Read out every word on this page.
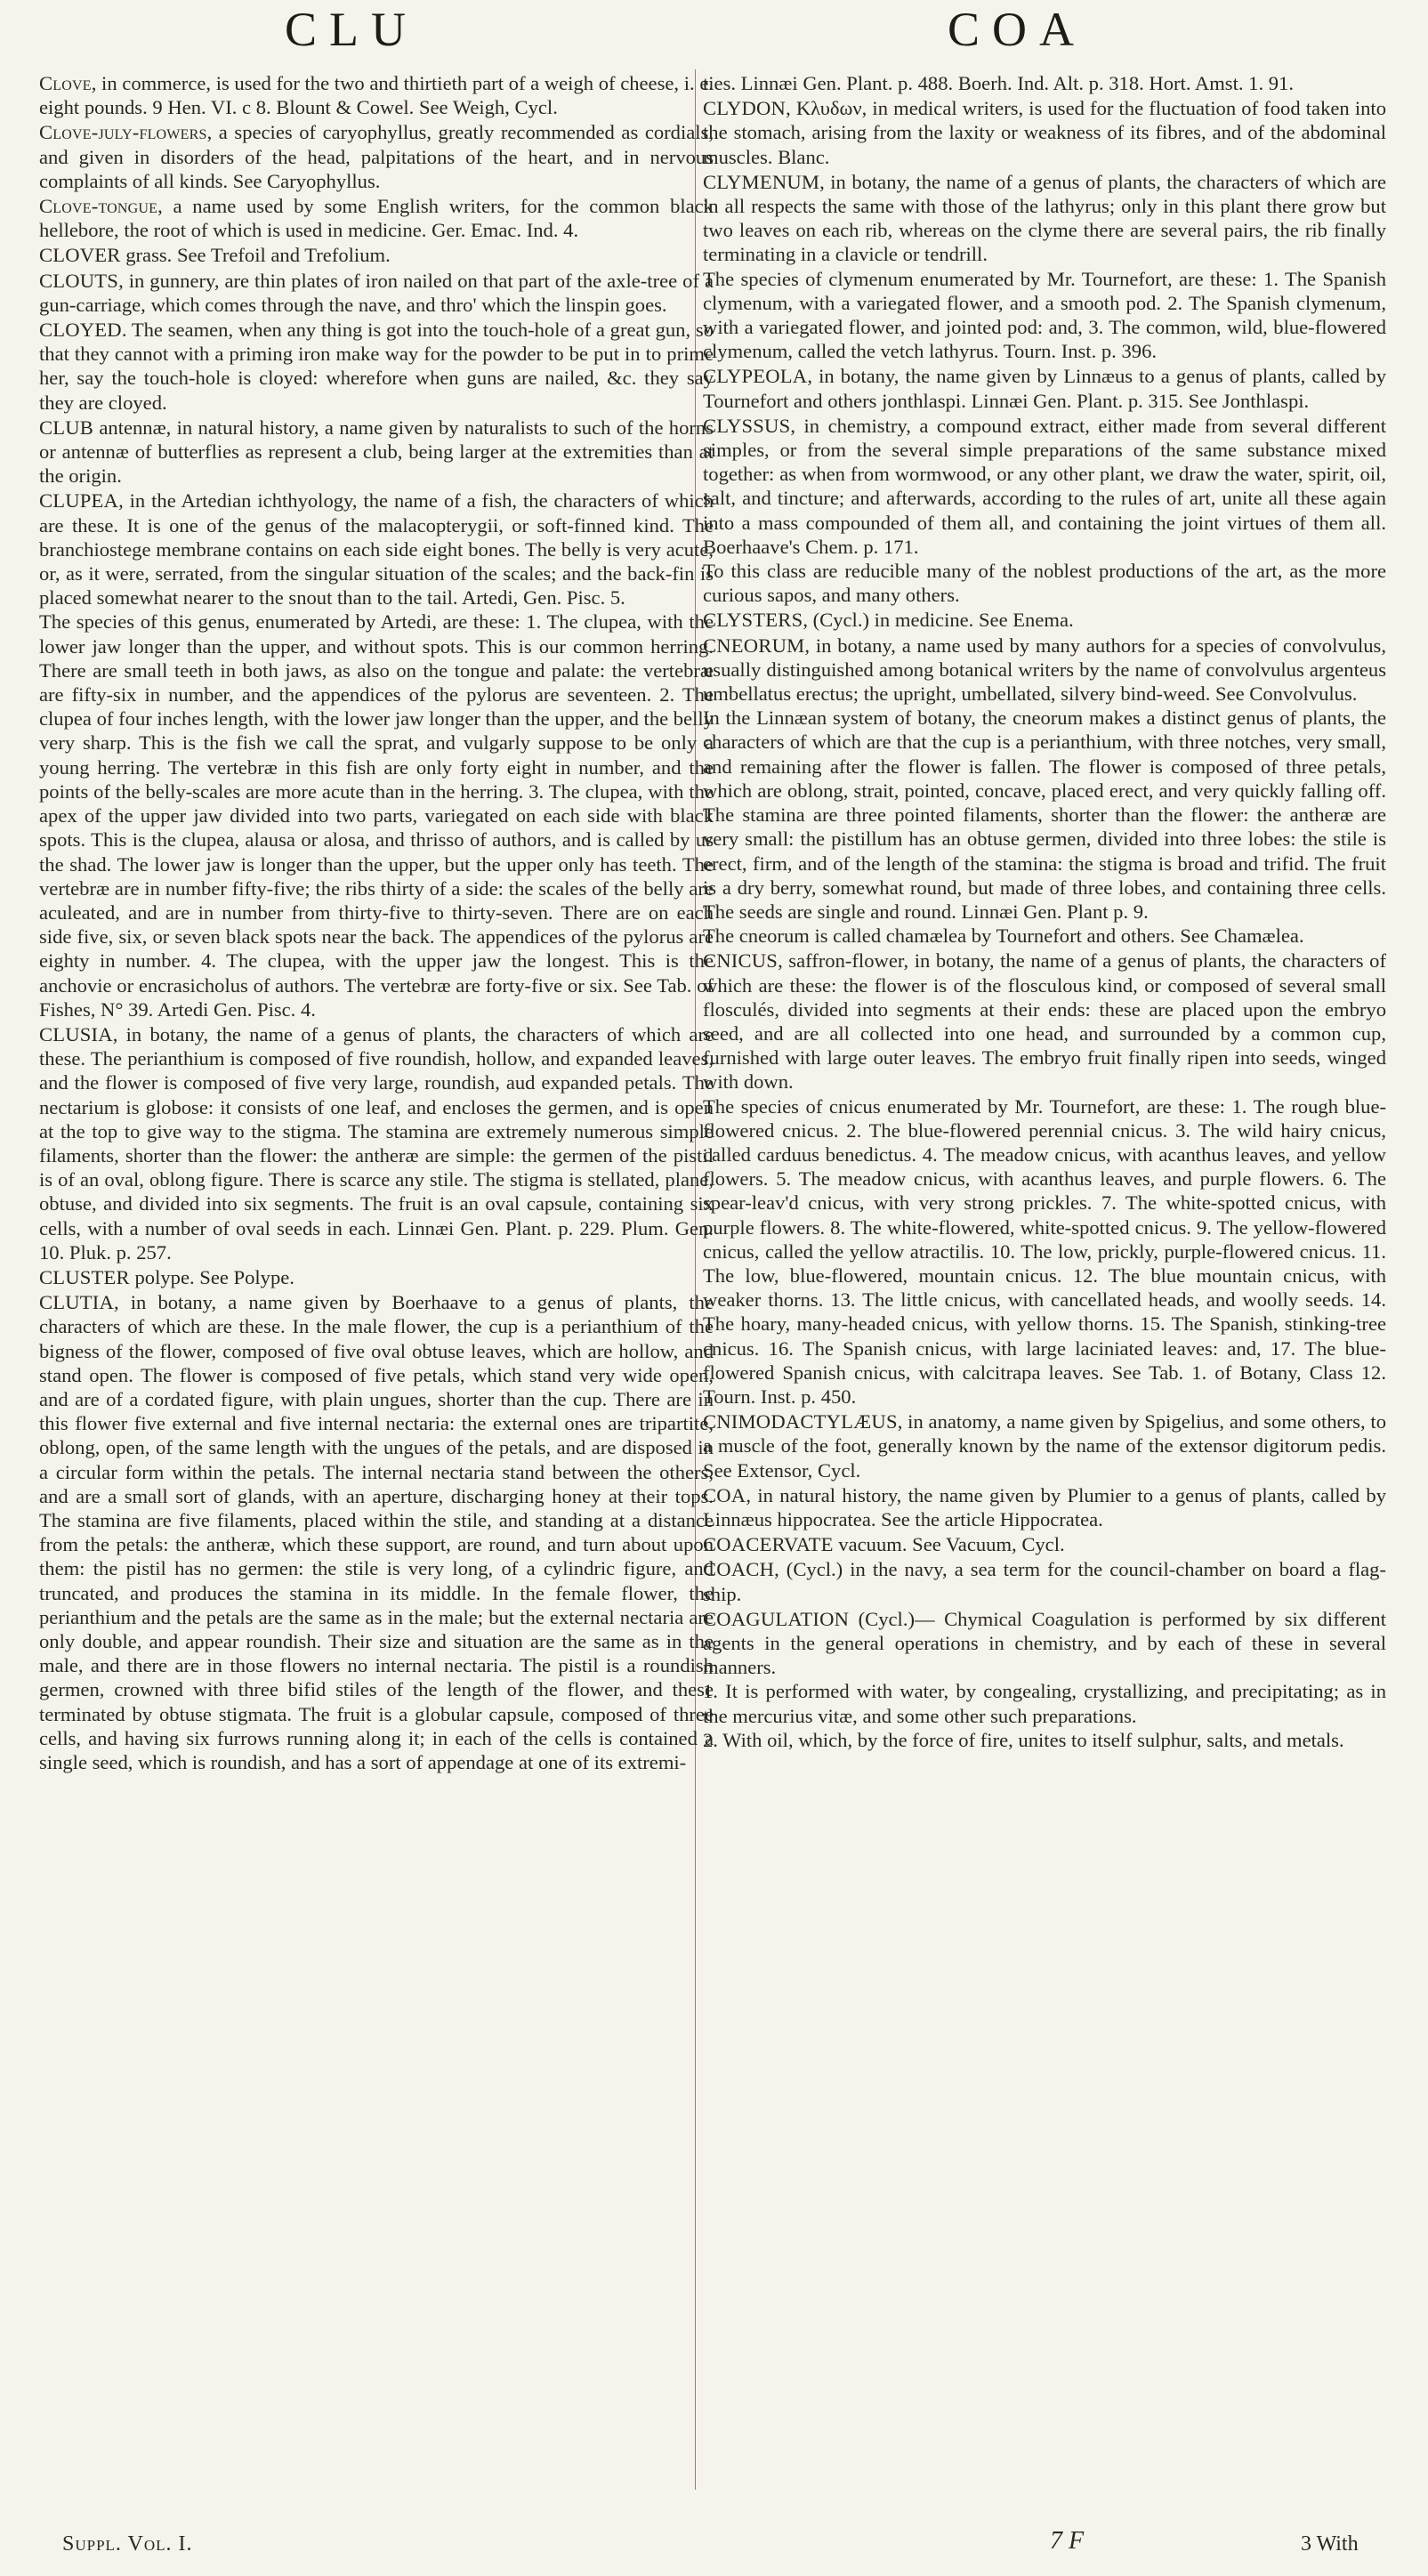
CLU	COA

Clove, in commerce, is used for the two and thirtieth part of a weigh of cheese, i. e. eight pounds. 9 Hen. VI. c 8. Blount & Cowel. See Weigh, Cycl.

Clove-july-flowers, a species of caryophyllus, greatly recommended as cordials, and given in disorders of the head, palpitations of the heart, and in nervous complaints of all kinds. See Caryophyllus.

Clove-tongue, a name used by some English writers, for the common black hellebore, the root of which is used in medicine. Ger. Emac. Ind. 4.

CLOVER grass. See Trefoil and Trefolium.

CLOUTS, in gunnery, are thin plates of iron nailed on that part of the axle-tree of a gun-carriage, which comes through the nave, and thro' which the linspin goes.

CLOYED. The seamen, when any thing is got into the touch-hole of a great gun, so that they cannot with a priming iron make way for the powder to be put in to prime her, say the touch-hole is cloyed: wherefore when guns are nailed, &c. they say they are cloyed.

CLUB antennæ, in natural history, a name given by naturalists to such of the horns or antennæ of butterflies as represent a club, being larger at the extremities than at the origin.

CLUPEA, in the Artedian ichthyology, the name of a fish, the characters of which are these. It is one of the genus of the malacopterygii, or soft-finned kind. The branchiostege membrane contains on each side eight bones. The belly is very acute, or, as it were, serrated, from the singular situation of the scales; and the back-fin is placed somewhat nearer to the snout than to the tail. Artedi, Gen. Pisc. 5.

The species of this genus, enumerated by Artedi, are these: 1. The clupea, with the lower jaw longer than the upper, and without spots. This is our common herring. There are small teeth in both jaws, as also on the tongue and palate: the vertebræ are fifty-six in number, and the appendices of the pylorus are seventeen. 2. The clupea of four inches length, with the lower jaw longer than the upper, and the belly very sharp. This is the fish we call the sprat, and vulgarly suppose to be only a young herring. The vertebræ in this fish are only forty eight in number, and the points of the belly-scales are more acute than in the herring. 3. The clupea, with the apex of the upper jaw divided into two parts, variegated on each side with black spots. This is the clupea, alausa or alosa, and thrisso of authors, and is called by us the shad. The lower jaw is longer than the upper, but the upper only has teeth. The vertebræ are in number fifty-five; the ribs thirty of a side: the scales of the belly are aculeated, and are in number from thirty-five to thirty-seven. There are on each side five, six, or seven black spots near the back. The appendices of the pylorus are eighty in number. 4. The clupea, with the upper jaw the longest. This is the anchovie or encrasicholus of authors. The vertebræ are forty-five or six. See Tab. of Fishes, N° 39. Artedi Gen. Pisc. 4.

CLUSIA, in botany, the name of a genus of plants, the characters of which are these. The perianthium is composed of five roundish, hollow, and expanded leaves, and the flower is composed of five very large, roundish, aud expanded petals. The nectarium is globose: it consists of one leaf, and encloses the germen, and is open at the top to give way to the stigma. The stamina are extremely numerous simple filaments, shorter than the flower: the antheræ are simple: the germen of the pistil is of an oval, oblong figure. There is scarce any stile. The stigma is stellated, plane, obtuse, and divided into six segments. The fruit is an oval capsule, containing six cells, with a number of oval seeds in each. Linnæi Gen. Plant. p. 229. Plum. Gen. 10. Pluk. p. 257.

CLUSTER polype. See Polype.

CLUTIA, in botany, a name given by Boerhaave to a genus of plants, the characters of which are these. In the male flower, the cup is a perianthium of the bigness of the flower, composed of five oval obtuse leaves, which are hollow, and stand open. The flower is composed of five petals, which stand very wide open, and are of a cordated figure, with plain ungues, shorter than the cup. There are in this flower five external and five internal nectaria: the external ones are tripartite, oblong, open, of the same length with the ungues of the petals, and are disposed in a circular form within the petals. The internal nectaria stand between the others, and are a small sort of glands, with an aperture, discharging honey at their tops. The stamina are five filaments, placed within the stile, and standing at a distance from the petals: the antheræ, which these support, are round, and turn about upon them: the pistil has no germen: the stile is very long, of a cylindric figure, and truncated, and produces the stamina in its middle. In the female flower, the perianthium and the petals are the same as in the male; but the external nectaria are only double, and appear roundish. Their size and situation are the same as in the male, and there are in those flowers no internal nectaria. The pistil is a roundish germen, crowned with three bifid stiles of the length of the flower, and these terminated by obtuse stigmata. The fruit is a globular capsule, composed of three cells, and having six furrows running along it; in each of the cells is contained a single seed, which is roundish, and has a sort of appendage at one of its extremi-

ties. Linnæi Gen. Plant. p. 488. Boerh. Ind. Alt. p. 318. Hort. Amst. 1. 91.

CLYDON, Κλυδων, in medical writers, is used for the fluctuation of food taken into the stomach, arising from the laxity or weakness of its fibres, and of the abdominal muscles. Blanc.

CLYMENUM, in botany, the name of a genus of plants, the characters of which are in all respects the same with those of the lathyrus; only in this plant there grow but two leaves on each rib, whereas on the clyme there are several pairs, the rib finally terminating in a clavicle or tendrill.

The species of clymenum enumerated by Mr. Tournefort, are these: 1. The Spanish clymenum, with a variegated flower, and a smooth pod. 2. The Spanish clymenum, with a variegated flower, and jointed pod: and, 3. The common, wild, blue-flowered clymenum, called the vetch lathyrus. Tourn. Inst. p. 396.

CLYPEOLA, in botany, the name given by Linnæus to a genus of plants, called by Tournefort and others jonthlaspi. Linnæi Gen. Plant. p. 315. See Jonthlaspi.

CLYSSUS, in chemistry, a compound extract, either made from several different simples, or from the several simple preparations of the same substance mixed together: as when from wormwood, or any other plant, we draw the water, spirit, oil, salt, and tincture; and afterwards, according to the rules of art, unite all these again into a mass compounded of them all, and containing the joint virtues of them all. Boerhaave's Chem. p. 171.

To this class are reducible many of the noblest productions of the art, as the more curious sapos, and many others.

CLYSTERS, (Cycl.) in medicine. See Enema.

CNEORUM, in botany, a name used by many authors for a species of convolvulus, usually distinguished among botanical writers by the name of convolvulus argenteus umbellatus erectus; the upright, umbellated, silvery bind-weed. See Convolvulus.

In the Linnæan system of botany, the cneorum makes a distinct genus of plants, the characters of which are that the cup is a perianthium, with three notches, very small, and remaining after the flower is fallen. The flower is composed of three petals, which are oblong, strait, pointed, concave, placed erect, and very quickly falling off. The stamina are three pointed filaments, shorter than the flower: the antheræ are very small: the pistillum has an obtuse germen, divided into three lobes: the stile is erect, firm, and of the length of the stamina: the stigma is broad and trifid. The fruit is a dry berry, somewhat round, but made of three lobes, and containing three cells. The seeds are single and round. Linnæi Gen. Plant p. 9.

The cneorum is called chamælea by Tournefort and others. See Chamælea.

CNICUS, saffron-flower, in botany, the name of a genus of plants, the characters of which are these: the flower is of the flosculous kind, or composed of several small flosculés, divided into segments at their ends: these are placed upon the embryo seed, and are all collected into one head, and surrounded by a common cup, furnished with large outer leaves. The embryo fruit finally ripen into seeds, winged with down.

The species of cnicus enumerated by Mr. Tournefort, are these: 1. The rough blue-flowered cnicus. 2. The blue-flowered perennial cnicus. 3. The wild hairy cnicus, called carduus benedictus. 4. The meadow cnicus, with acanthus leaves, and yellow flowers. 5. The meadow cnicus, with acanthus leaves, and purple flowers. 6. The spear-leav'd cnicus, with very strong prickles. 7. The white-spotted cnicus, with purple flowers. 8. The white-flowered, white-spotted cnicus. 9. The yellow-flowered cnicus, called the yellow atractilis. 10. The low, prickly, purple-flowered cnicus. 11. The low, blue-flowered, mountain cnicus. 12. The blue mountain cnicus, with weaker thorns. 13. The little cnicus, with cancellated heads, and woolly seeds. 14. The hoary, many-headed cnicus, with yellow thorns. 15. The Spanish, stinking-tree cnicus. 16. The Spanish cnicus, with large laciniated leaves: and, 17. The blue-flowered Spanish cnicus, with calcitrapa leaves. See Tab. 1. of Botany, Class 12. Tourn. Inst. p. 450.

CNIMODACTYLÆUS, in anatomy, a name given by Spigelius, and some others, to a muscle of the foot, generally known by the name of the extensor digitorum pedis. See Extensor, Cycl.

COA, in natural history, the name given by Plumier to a genus of plants, called by Linnæus hippocratea. See the article Hippocratea.

COACERVATE vacuum. See Vacuum, Cycl.

COACH, (Cycl.) in the navy, a sea term for the council-chamber on board a flag-ship.

COAGULATION (Cycl.)— Chymical Coagulation is performed by six different agents in the general operations in chemistry, and by each of these in several manners.

1. It is performed with water, by congealing, crystallizing, and precipitating; as in the mercurius vitæ, and some other such preparations.

2. With oil, which, by the force of fire, unites to itself sulphur, salts, and metals.

Suppl. Vol. I.	7 F	3 With
